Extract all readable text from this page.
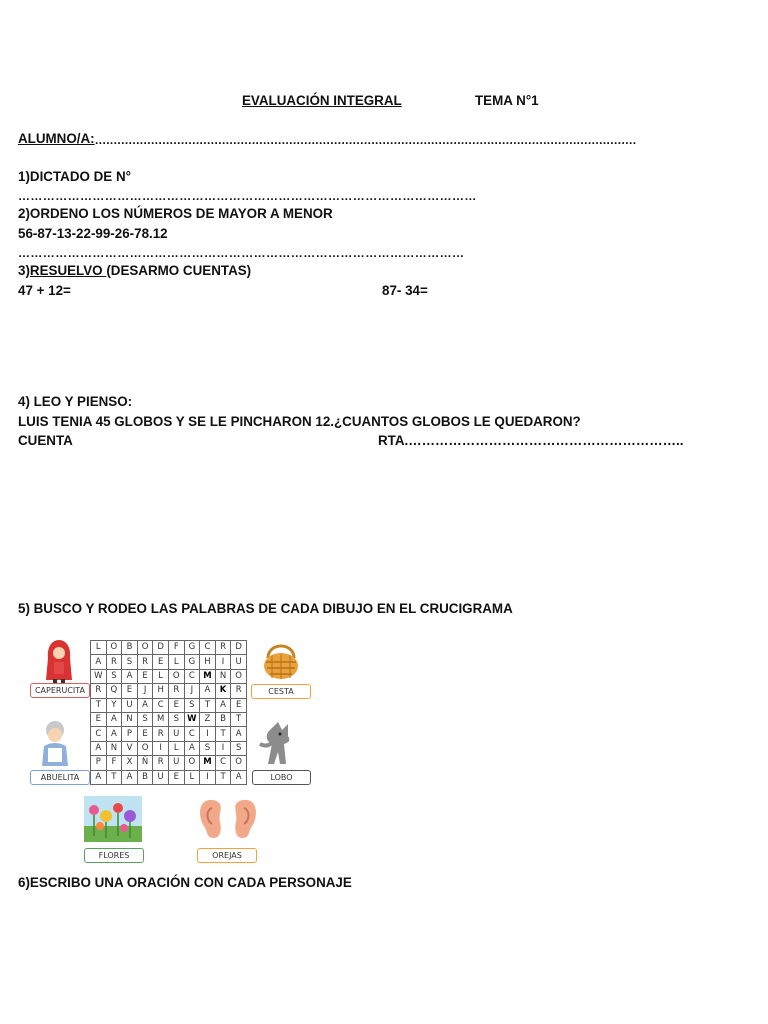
EVALUACIÓN INTEGRAL	TEMA N°1
ALUMNO/A: .................................................................................................................................................
1)DICTADO DE N°
…………………………………………………………………………………………………
2)ORDENO LOS NÚMEROS DE MAYOR A MENOR
56-87-13-22-99-26-78.12
………………………………………………………………………………………………
3)RESUELVO (DESARMO CUENTAS)
47 + 12=	87- 34=
4) LEO Y PIENSO:
LUIS TENIA 45 GLOBOS Y SE LE PINCHARON 12.¿CUANTOS GLOBOS LE QUEDARON?
CUENTA	RTA.……………………………………………………..
5) BUSCO Y RODEO LAS PALABRAS DE CADA DIBUJO EN EL CRUCIGRAMA
L	O	B	O	D	F	G	C	R	D
A	R	S	R	E	L	G	H	I	U
W	S	A	E	L	O	C	M	N	O
R	Q	E	J	H	R	J	A	K	R
T	Y	U	A	C	E	S	T	A	E
E	A	N	S	M	S	W	Z	B	T
C	A	P	E	R	U	C	I	T	A
A	N	V	O	I	L	A	S	I	S
P	F	X	Ñ	R	U	O	M	C	O
A	T	A	B	U	E	L	I	T	A
CAPERUCITA	CESTA
ABUELITA	LOBO
FLORES	OREJAS
6)ESCRIBO UNA ORACIÓN CON CADA PERSONAJE
